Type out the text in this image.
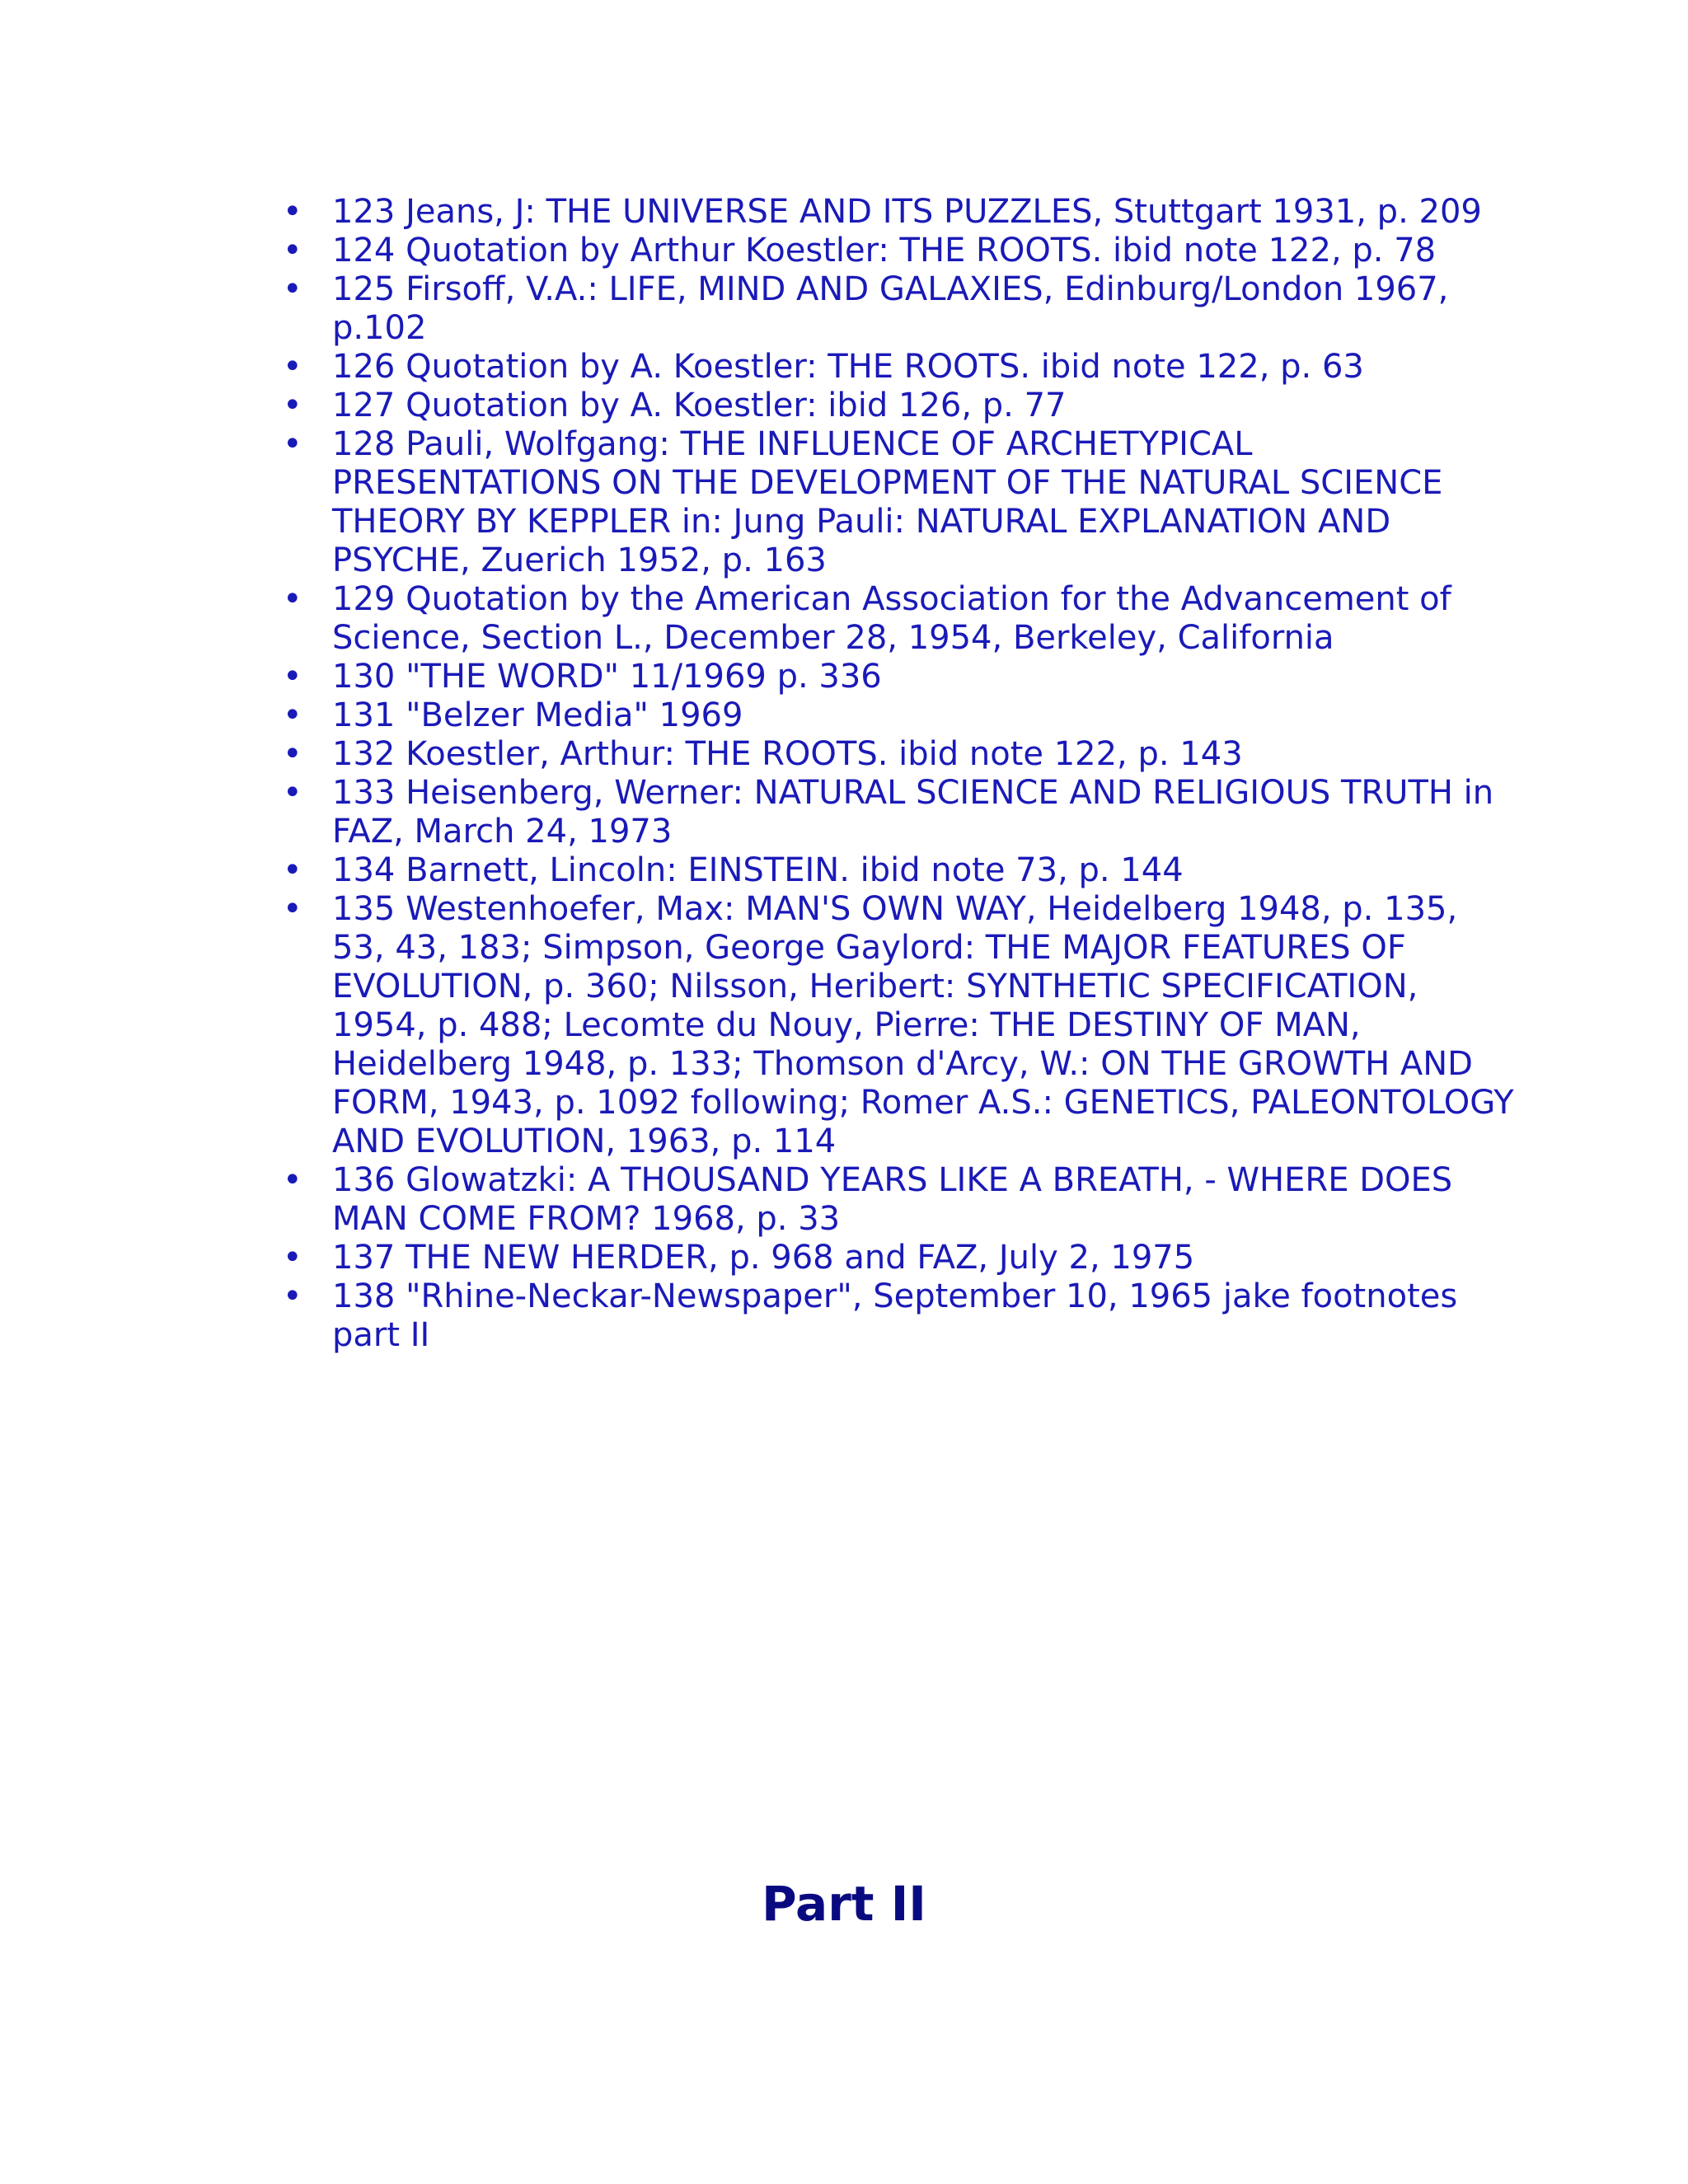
• 123 Jeans, J: THE UNIVERSE AND ITS PUZZLES, Stuttgart 1931, p. 209
• 124 Quotation by Arthur Koestler: THE ROOTS. ibid note 122, p. 78
• 125 Firsoff, V.A.: LIFE, MIND AND GALAXIES, Edinburg/London 1967, p.102
• 126 Quotation by A. Koestler: THE ROOTS. ibid note 122, p. 63
• 127 Quotation by A. Koestler: ibid 126, p. 77
• 128 Pauli, Wolfgang: THE INFLUENCE OF ARCHETYPICAL PRESENTATIONS ON THE DEVELOPMENT OF THE NATURAL SCIENCE THEORY BY KEPPLER in: Jung Pauli: NATURAL EXPLANATION AND PSYCHE, Zuerich 1952, p. 163
• 129 Quotation by the American Association for the Advancement of Science, Section L., December 28, 1954, Berkeley, California
• 130 "THE WORD" 11/1969 p. 336
• 131 "Belzer Media" 1969
• 132 Koestler, Arthur: THE ROOTS. ibid note 122, p. 143
• 133 Heisenberg, Werner: NATURAL SCIENCE AND RELIGIOUS TRUTH in FAZ, March 24, 1973
• 134 Barnett, Lincoln: EINSTEIN. ibid note 73, p. 144
• 135 Westenhoefer, Max: MAN'S OWN WAY, Heidelberg 1948, p. 135, 53, 43, 183; Simpson, George Gaylord: THE MAJOR FEATURES OF EVOLUTION, p. 360; Nilsson, Heribert: SYNTHETIC SPECIFICATION, 1954, p. 488; Lecomte du Nouy, Pierre: THE DESTINY OF MAN, Heidelberg 1948, p. 133; Thomson d'Arcy, W.: ON THE GROWTH AND FORM, 1943, p. 1092 following; Romer A.S.: GENETICS, PALEONTOLOGY AND EVOLUTION, 1963, p. 114
• 136 Glowatzki: A THOUSAND YEARS LIKE A BREATH, - WHERE DOES MAN COME FROM? 1968, p. 33
• 137 THE NEW HERDER, p. 968 and FAZ, July 2, 1975
• 138 "Rhine-Neckar-Newspaper", September 10, 1965 jake footnotes part II
Part II
